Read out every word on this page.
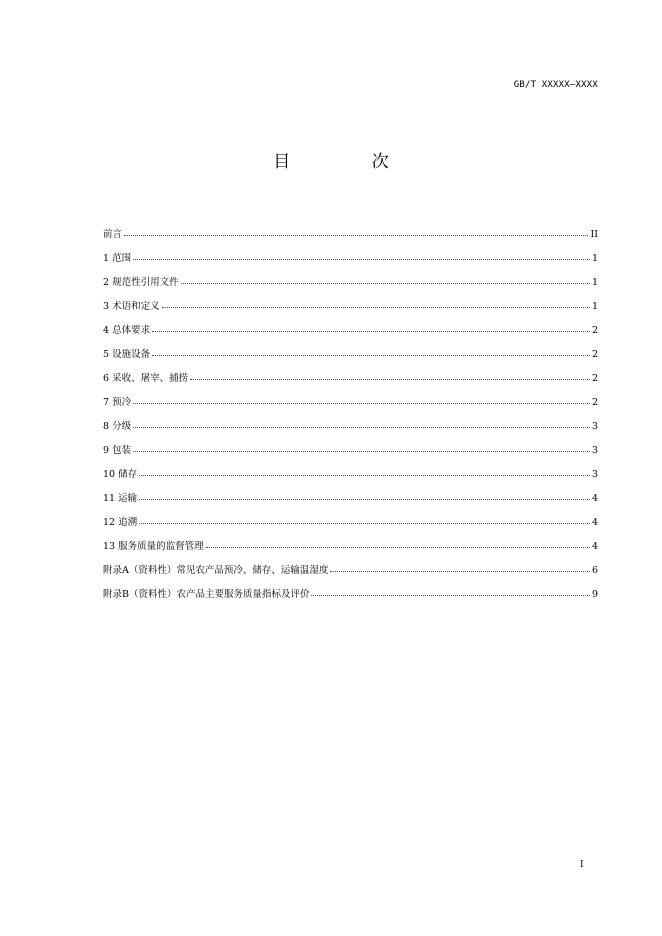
GB/T XXXXX—XXXX
目 次
前言	II
1 范围	1
2 规范性引用文件	1
3 术语和定义	1
4 总体要求	2
5 设施设备	2
6 采收、屠宰、捕捞	2
7 预冷	2
8 分级	3
9 包装	3
10 储存	3
11 运输	4
12 追溯	4
13 服务质量的监督管理	4
附录A（资料性）常见农产品预冷、储存、运输温湿度	6
附录B（资料性）农产品主要服务质量指标及评价	9
I
